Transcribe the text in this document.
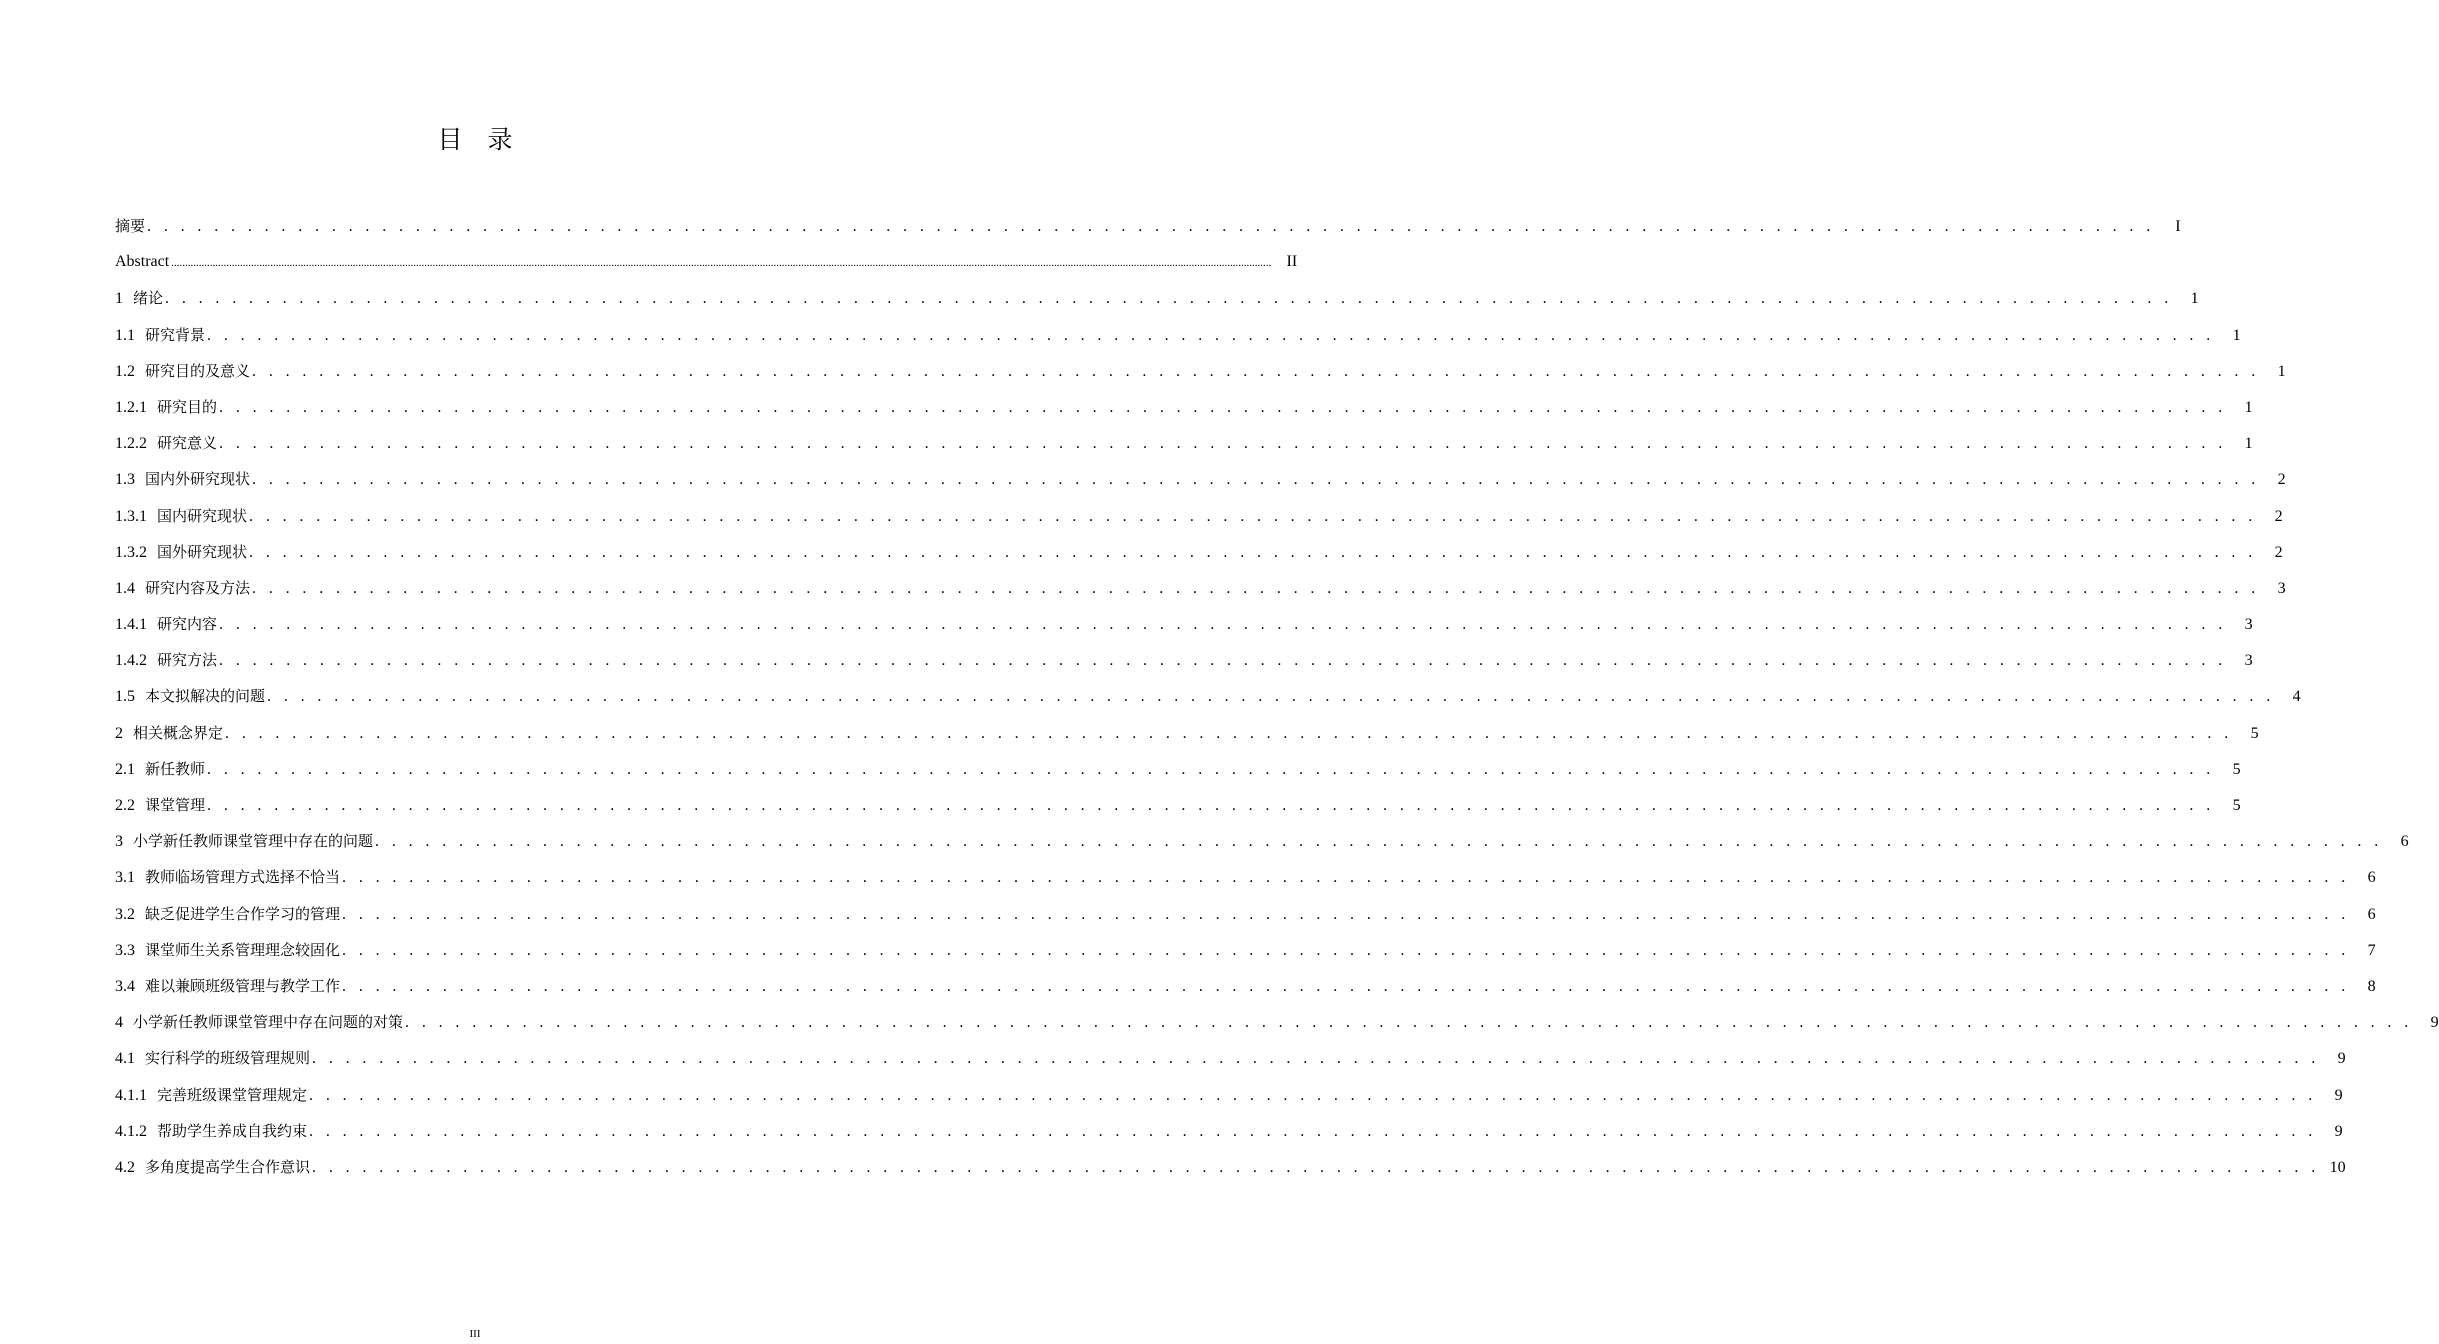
目　录
摘要 . . . . . . . . . . . . . . . . . . . . . . . . . . . . . . . . . . . . . . . . . . . . . . . . . . . . . . . . . . . . . . . . . . . . . . . . . . . . . . . . . . . . . . . . . . . . . . . . . . . . . . . . . . . . . . . . . . . . . . . .	I
Abstract ................................................................................................................................................................................................................................................................................................................................................................................................................ II
1 绪论 . . . . . . . . . . . . . . . . . . . . . . . . . . . . . . . . . . . . . . . . . . . . . . . . . . . . . . . . . . . . . . . . . . . . . . . . . . . . . . . . . . . . . . . . . . . . . . . . . . . . . . . . . . . . . . . . . . . . . . . .	1
1.1 研究背景 . . . . . . . . . . . . . . . . . . . . . . . . . . . . . . . . . . . . . . . . . . . . . . . . . . . . . . . . . . . . . . . . . . . . . . . . . . . . . . . . . . . . . . . . . . . . . . . . . . . . . . . . . . . . . . . . . . . . . . . .	1
1.2 研究目的及意义 . . . . . . . . . . . . . . . . . . . . . . . . . . . . . . . . . . . . . . . . . . . . . . . . . . . . . . . . . . . . . . . . . . . . . . . . . . . . . . . . . . . . . . . . . . . . . . . . . . . . . . . . . . . . . . . . . . . . . . . .	1
1.2.1 研究目的 . . . . . . . . . . . . . . . . . . . . . . . . . . . . . . . . . . . . . . . . . . . . . . . . . . . . . . . . . . . . . . . . . . . . . . . . . . . . . . . . . . . . . . . . . . . . . . . . . . . . . . . . . . . . . . . . . . . . . . . .	1
1.2.2 研究意义 . . . . . . . . . . . . . . . . . . . . . . . . . . . . . . . . . . . . . . . . . . . . . . . . . . . . . . . . . . . . . . . . . . . . . . . . . . . . . . . . . . . . . . . . . . . . . . . . . . . . . . . . . . . . . . . . . . . . . . . .	1
1.3 国内外研究现状 . . . . . . . . . . . . . . . . . . . . . . . . . . . . . . . . . . . . . . . . . . . . . . . . . . . . . . . . . . . . . . . . . . . . . . . . . . . . . . . . . . . . . . . . . . . . . . . . . . . . . . . . . . . . . . . . . . . . . . . .	2
1.3.1 国内研究现状 . . . . . . . . . . . . . . . . . . . . . . . . . . . . . . . . . . . . . . . . . . . . . . . . . . . . . . . . . . . . . . . . . . . . . . . . . . . . . . . . . . . . . . . . . . . . . . . . . . . . . . . . . . . . . . . . . . . . . . . .	2
1.3.2 国外研究现状 . . . . . . . . . . . . . . . . . . . . . . . . . . . . . . . . . . . . . . . . . . . . . . . . . . . . . . . . . . . . . . . . . . . . . . . . . . . . . . . . . . . . . . . . . . . . . . . . . . . . . . . . . . . . . . . . . . . . . . . .	2
1.4 研究内容及方法 . . . . . . . . . . . . . . . . . . . . . . . . . . . . . . . . . . . . . . . . . . . . . . . . . . . . . . . . . . . . . . . . . . . . . . . . . . . . . . . . . . . . . . . . . . . . . . . . . . . . . . . . . . . . . . . . . . . . . . . .	3
1.4.1 研究内容 . . . . . . . . . . . . . . . . . . . . . . . . . . . . . . . . . . . . . . . . . . . . . . . . . . . . . . . . . . . . . . . . . . . . . . . . . . . . . . . . . . . . . . . . . . . . . . . . . . . . . . . . . . . . . . . . . . . . . . . .	3
1.4.2 研究方法 . . . . . . . . . . . . . . . . . . . . . . . . . . . . . . . . . . . . . . . . . . . . . . . . . . . . . . . . . . . . . . . . . . . . . . . . . . . . . . . . . . . . . . . . . . . . . . . . . . . . . . . . . . . . . . . . . . . . . . . .	3
1.5 本文拟解决的问题 . . . . . . . . . . . . . . . . . . . . . . . . . . . . . . . . . . . . . . . . . . . . . . . . . . . . . . . . . . . . . . . . . . . . . . . . . . . . . . . . . . . . . . . . . . . . . . . . . . . . . . . . . . . . . . . . . . . . . . . .	4
2 相关概念界定 . . . . . . . . . . . . . . . . . . . . . . . . . . . . . . . . . . . . . . . . . . . . . . . . . . . . . . . . . . . . . . . . . . . . . . . . . . . . . . . . . . . . . . . . . . . . . . . . . . . . . . . . . . . . . . . . . . . . . . . .	5
2.1 新任教师 . . . . . . . . . . . . . . . . . . . . . . . . . . . . . . . . . . . . . . . . . . . . . . . . . . . . . . . . . . . . . . . . . . . . . . . . . . . . . . . . . . . . . . . . . . . . . . . . . . . . . . . . . . . . . . . . . . . . . . . .	5
2.2 课堂管理 . . . . . . . . . . . . . . . . . . . . . . . . . . . . . . . . . . . . . . . . . . . . . . . . . . . . . . . . . . . . . . . . . . . . . . . . . . . . . . . . . . . . . . . . . . . . . . . . . . . . . . . . . . . . . . . . . . . . . . . .	5
3 小学新任教师课堂管理中存在的问题 . . . . . . . . . . . . . . . . . . . . . . . . . . . . . . . . . . . . . . . . . . . . . . . . . . . . . . . . . . . . . . . . . . . . . . . . . . . . . . . . . . . . . . . . . . . . . . . . . . . . . . . . . . . . . . . . . . . . . . . .	6
3.1 教师临场管理方式选择不恰当 . . . . . . . . . . . . . . . . . . . . . . . . . . . . . . . . . . . . . . . . . . . . . . . . . . . . . . . . . . . . . . . . . . . . . . . . . . . . . . . . . . . . . . . . . . . . . . . . . . . . . . . . . . . . . . . . . . . . . . . .	6
3.2 缺乏促进学生合作学习的管理 . . . . . . . . . . . . . . . . . . . . . . . . . . . . . . . . . . . . . . . . . . . . . . . . . . . . . . . . . . . . . . . . . . . . . . . . . . . . . . . . . . . . . . . . . . . . . . . . . . . . . . . . . . . . . . . . . . . . . . . .	6
3.3 课堂师生关系管理理念较固化 . . . . . . . . . . . . . . . . . . . . . . . . . . . . . . . . . . . . . . . . . . . . . . . . . . . . . . . . . . . . . . . . . . . . . . . . . . . . . . . . . . . . . . . . . . . . . . . . . . . . . . . . . . . . . . . . . . . . . . . .	7
3.4 难以兼顾班级管理与教学工作 . . . . . . . . . . . . . . . . . . . . . . . . . . . . . . . . . . . . . . . . . . . . . . . . . . . . . . . . . . . . . . . . . . . . . . . . . . . . . . . . . . . . . . . . . . . . . . . . . . . . . . . . . . . . . . . . . . . . . . . .	8
4 小学新任教师课堂管理中存在问题的对策 . . . . . . . . . . . . . . . . . . . . . . . . . . . . . . . . . . . . . . . . . . . . . . . . . . . . . . . . . . . . . . . . . . . . . . . . . . . . . . . . . . . . . . . . . . . . . . . . . . . . . . . . . . . . . . . . . . . . . . . .	9
4.1 实行科学的班级管理规则 . . . . . . . . . . . . . . . . . . . . . . . . . . . . . . . . . . . . . . . . . . . . . . . . . . . . . . . . . . . . . . . . . . . . . . . . . . . . . . . . . . . . . . . . . . . . . . . . . . . . . . . . . . . . . . . . . . . . . . . .	9
4.1.1 完善班级课堂管理规定 . . . . . . . . . . . . . . . . . . . . . . . . . . . . . . . . . . . . . . . . . . . . . . . . . . . . . . . . . . . . . . . . . . . . . . . . . . . . . . . . . . . . . . . . . . . . . . . . . . . . . . . . . . . . . . . . . . . . . . . .	9
4.1.2 帮助学生养成自我约束 . . . . . . . . . . . . . . . . . . . . . . . . . . . . . . . . . . . . . . . . . . . . . . . . . . . . . . . . . . . . . . . . . . . . . . . . . . . . . . . . . . . . . . . . . . . . . . . . . . . . . . . . . . . . . . . . . . . . . . . .	9
4.2 多角度提高学生合作意识 . . . . . . . . . . . . . . . . . . . . . . . . . . . . . . . . . . . . . . . . . . . . . . . . . . . . . . . . . . . . . . . . . . . . . . . . . . . . . . . . . . . . . . . . . . . . . . . . . . . . . . . . . . . . . . . . . . . . . . . . 10
III
